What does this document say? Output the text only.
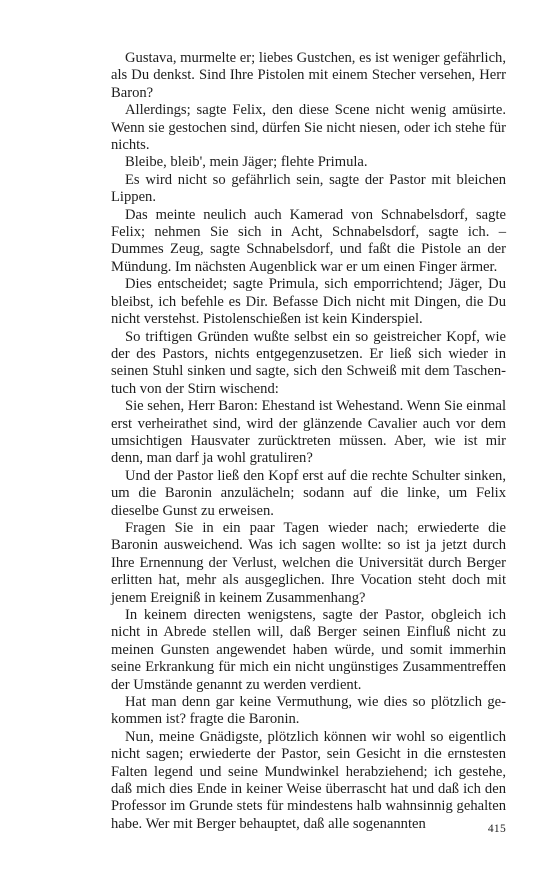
Gustava, murmelte er; liebes Gustchen, es ist weniger gefährlich, als Du denkst. Sind Ihre Pistolen mit einem Stecher versehen, Herr Baron?

Allerdings; sagte Felix, den diese Scene nicht wenig amüsirte. Wenn sie gestochen sind, dürfen Sie nicht niesen, oder ich stehe für nichts.

Bleibe, bleib', mein Jäger; flehte Primula.

Es wird nicht so gefährlich sein, sagte der Pastor mit bleichen Lippen.

Das meinte neulich auch Kamerad von Schnabelsdorf, sagte Felix; nehmen Sie sich in Acht, Schnabelsdorf, sagte ich. – Dummes Zeug, sagte Schnabelsdorf, und faßt die Pistole an der Mündung. Im nächsten Augenblick war er um einen Finger ärmer.

Dies entscheidet; sagte Primula, sich emporrichtend; Jäger, Du bleibst, ich befehle es Dir. Befasse Dich nicht mit Dingen, die Du nicht verstehst. Pistolenschießen ist kein Kinderspiel.

So triftigen Gründen wußte selbst ein so geistreicher Kopf, wie der des Pastors, nichts entgegenzusetzen. Er ließ sich wieder in seinen Stuhl sinken und sagte, sich den Schweiß mit dem Taschentuch von der Stirn wischend:

Sie sehen, Herr Baron: Ehestand ist Wehestand. Wenn Sie einmal erst verheirathet sind, wird der glänzende Cavalier auch vor dem umsichtigen Hausvater zurücktreten müssen. Aber, wie ist mir denn, man darf ja wohl gratuliren?

Und der Pastor ließ den Kopf erst auf die rechte Schulter sinken, um die Baronin anzulächeln; sodann auf die linke, um Felix dieselbe Gunst zu erweisen.

Fragen Sie in ein paar Tagen wieder nach; erwiederte die Baronin ausweichend. Was ich sagen wollte: so ist ja jetzt durch Ihre Ernennung der Verlust, welchen die Universität durch Berger erlitten hat, mehr als ausgeglichen. Ihre Vocation steht doch mit jenem Ereigniß in keinem Zusammenhang?

In keinem directen wenigstens, sagte der Pastor, obgleich ich nicht in Abrede stellen will, daß Berger seinen Einfluß nicht zu meinen Gunsten angewendet haben würde, und somit immerhin seine Erkrankung für mich ein nicht ungünstiges Zusammentreffen der Umstände genannt zu werden verdient.

Hat man denn gar keine Vermuthung, wie dies so plötzlich gekommen ist? fragte die Baronin.

Nun, meine Gnädigste, plötzlich können wir wohl so eigentlich nicht sagen; erwiederte der Pastor, sein Gesicht in die ernstesten Falten legend und seine Mundwinkel herabziehend; ich gestehe, daß mich dies Ende in keiner Weise überrascht hat und daß ich den Professor im Grunde stets für mindestens halb wahnsinnig gehalten habe. Wer mit Berger behauptet, daß alle sogenannten	415
